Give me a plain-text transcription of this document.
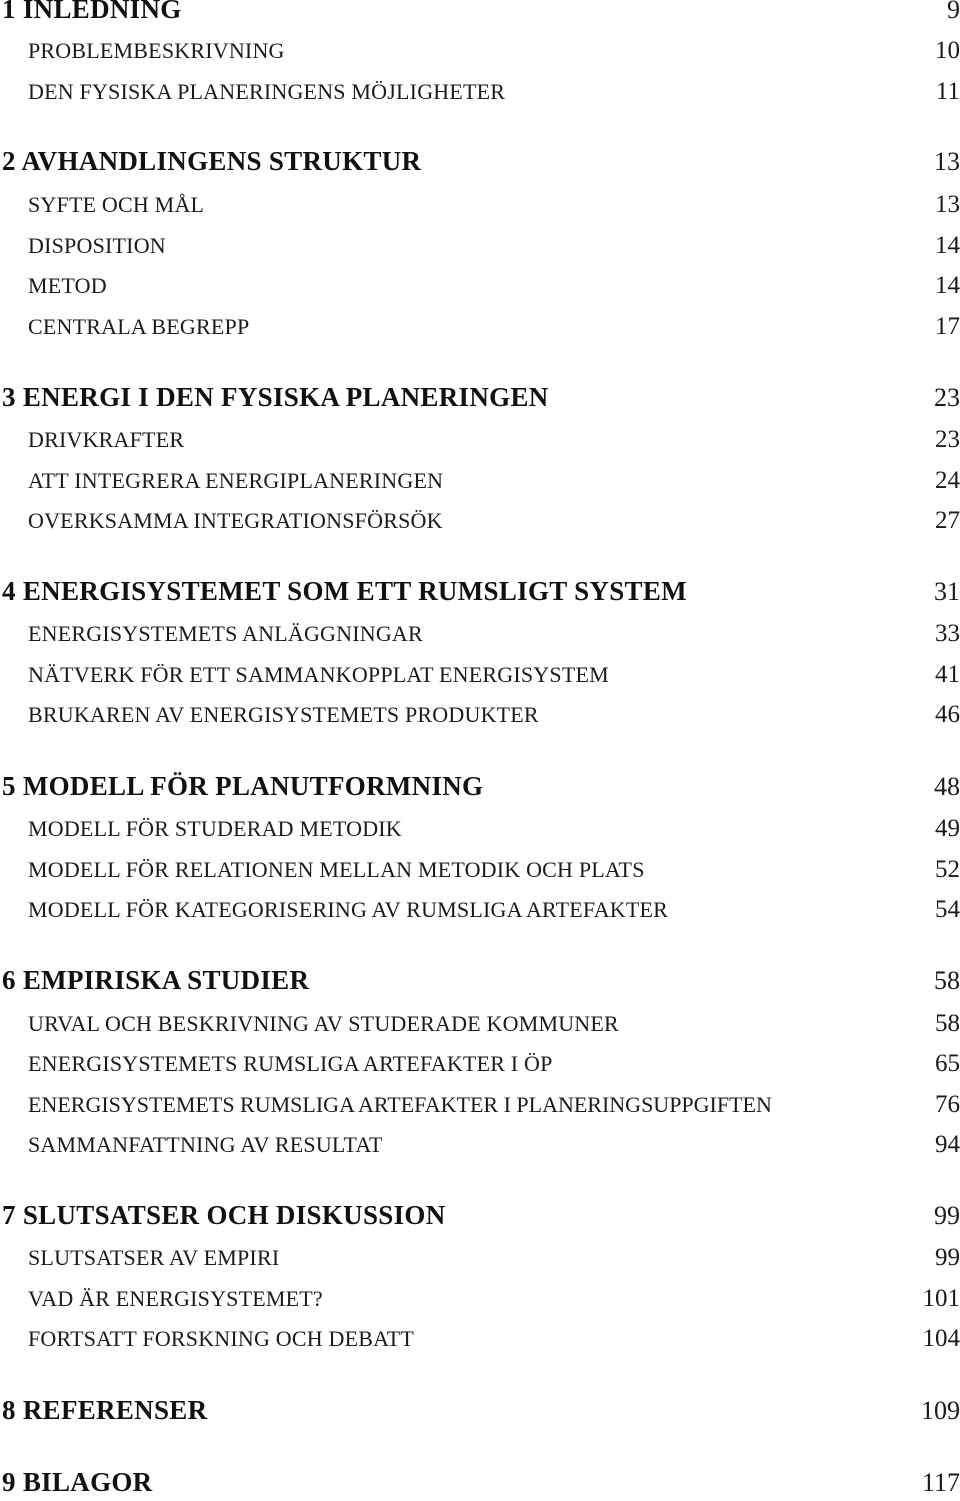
1 INLEDNING	9
PROBLEMBESKRIVNING	10
DEN FYSISKA PLANERINGENS MÖJLIGHETER	11
2 AVHANDLINGENS STRUKTUR	13
SYFTE OCH MÅL	13
DISPOSITION	14
METOD	14
CENTRALA BEGREPP	17
3 ENERGI I DEN FYSISKA PLANERINGEN	23
DRIVKRAFTER	23
ATT INTEGRERA ENERGIPLANERINGEN	24
OVERKSAMMA INTEGRATIONSFÖRSÖK	27
4 ENERGISYSTEMET SOM ETT RUMSLIGT SYSTEM	31
ENERGISYSTEMETS ANLÄGGNINGAR	33
NÄTVERK FÖR ETT SAMMANKOPPLAT ENERGISYSTEM	41
BRUKAREN AV ENERGISYSTEMETS PRODUKTER	46
5 MODELL FÖR PLANUTFORMNING	48
MODELL FÖR STUDERAD METODIK	49
MODELL FÖR RELATIONEN MELLAN METODIK OCH PLATS	52
MODELL FÖR KATEGORISERING AV RUMSLIGA ARTEFAKTER	54
6 EMPIRISKA STUDIER	58
URVAL OCH BESKRIVNING AV STUDERADE KOMMUNER	58
ENERGISYSTEMETS RUMSLIGA ARTEFAKTER I ÖP	65
ENERGISYSTEMETS RUMSLIGA ARTEFAKTER I PLANERINGSUPPGIFTEN	76
SAMMANFATTNING AV RESULTAT	94
7 SLUTSATSER OCH DISKUSSION	99
SLUTSATSER AV EMPIRI	99
VAD ÄR ENERGISYSTEMET?	101
FORTSATT FORSKNING OCH DEBATT	104
8 REFERENSER	109
9 BILAGOR	117
